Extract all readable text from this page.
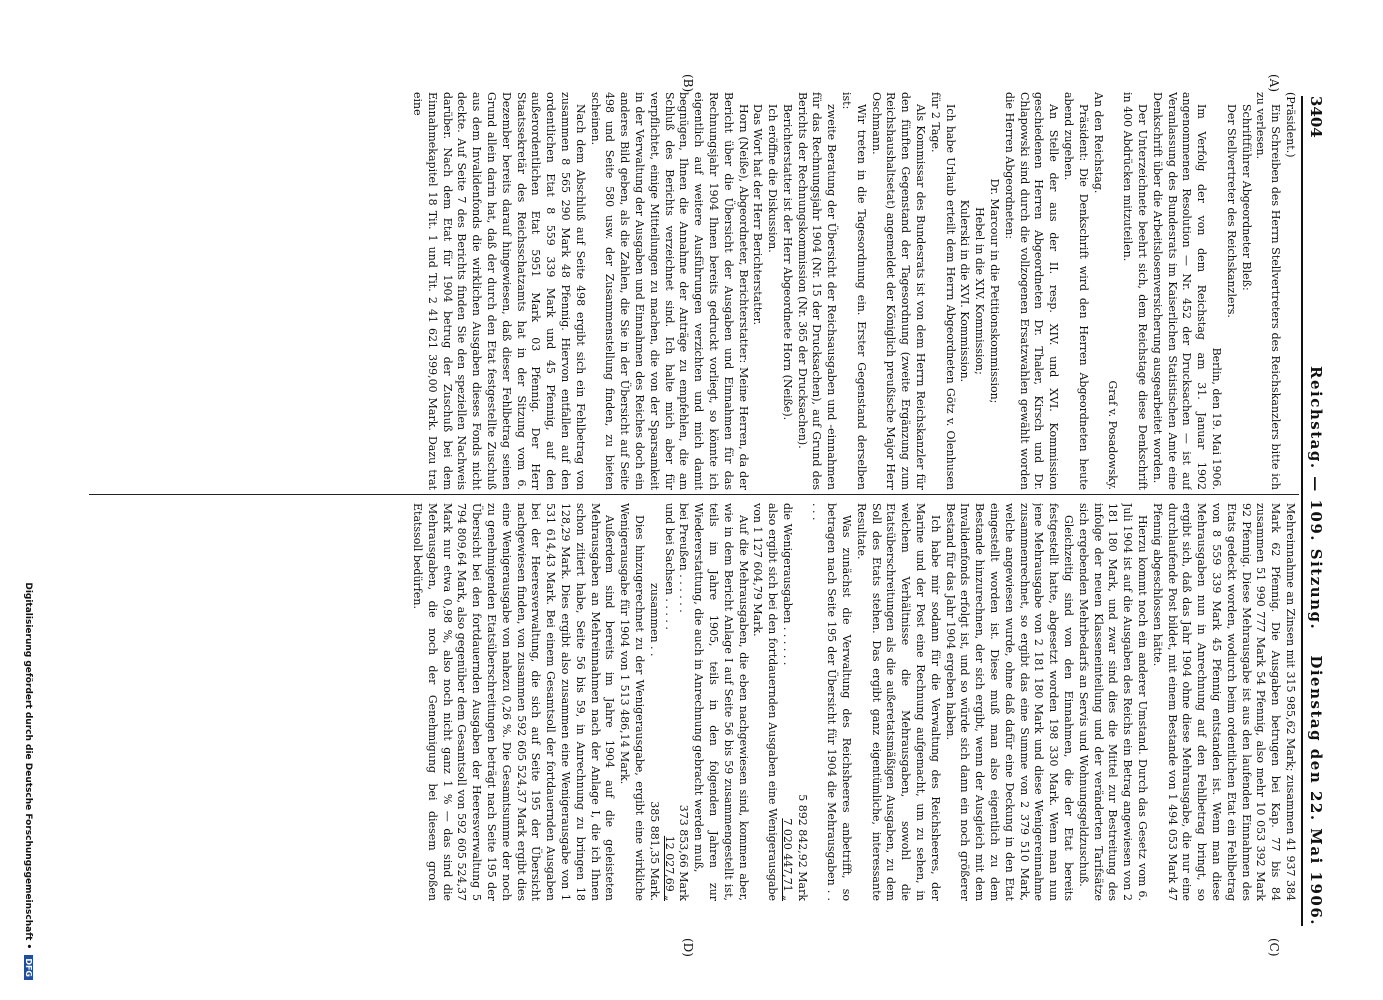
3404
Reichstag. — 109. Sitzung.
Dienstag den 22. Mai 1906.
(A)
(B)
(C)
(D)

(Präsident.)

Ein Schreiben des Herrn Stellvertreters des Reichskanzlers bitte ich zu verlesen.

Schriftführer Abgeordneter Bleß:

Der Stellvertreter des Reichskanzlers.

Berlin, den 19. Mai 1906.

Im Verfolg der von dem Reichstag am 31. Januar 1902 angenommenen Resolution — Nr. 452 der Drucksachen — ist auf Veranlassung des Bundesrats im Kaiserlichen Statistischen Amte eine Denkschrift über die Arbeitslosenversicherung ausgearbeitet worden.

Der Unterzeichnete beehrt sich, dem Reichstage diese Denkschrift in 400 Abdrücken mitzuteilen.

Graf v. Posadowsky.

An den Reichstag.

Präsident: Die Denkschrift wird den Herren Abgeordneten heute abend zugehen.

An Stelle der aus der II. resp. XIV. und XVI. Kommission geschiedenen Herren Abgeordneten Dr. Thaler, Kirsch und Dr. Chlapowski sind durch die vollzogenen Ersatzwahlen gewählt worden die Herren Abgeordneten:

Dr. Marcour in die Petitionskommission;

Hebel in die XIV. Kommission;

Kulerski in die XVI. Kommission.

Ich habe Urlaub erteilt dem Herrn Abgeordneten Götz v. Olenhusen für 2 Tage.

Als Kommissar des Bundesrats ist von dem Herrn Reichskanzler für den fünften Gegenstand der Tagesordnung (zweite Ergänzung zum Reichshaushaltsetat) angemeldet der Königlich preußische Major Herr Oschmann.

Wir treten in die Tagesordnung ein. Erster Gegenstand derselben ist:

zweite Beratung der Übersicht der Reichsausgaben und -einnahmen für das Rechnungsjahr 1904 (Nr. 15 der Drucksachen), auf Grund des Berichts der Rechnungskommission (Nr. 365 der Drucksachen).

Berichterstatter ist der Herr Abgeordnete Horn (Neiße).

Ich eröffne die Diskussion.

Das Wort hat der Herr Berichterstatter.

Horn (Neiße), Abgeordneter, Berichterstatter: Meine Herren, da der Bericht über die Übersicht der Ausgaben und Einnahmen für das Rechnungsjahr 1904 Ihnen bereits gedruckt vorliegt, so könnte ich eigentlich auf weitere Ausführungen verzichten und mich damit begnügen, Ihnen die Annahme der Anträge zu empfehlen, die am Schluß des Berichts verzeichnet sind. Ich halte mich aber für verpflichtet, einige Mitteilungen zu machen, die von der Sparsamkeit in der Verwaltung der Ausgaben und Einnahmen des Reiches doch ein anderes Bild geben, als die Zahlen, die Sie in der Übersicht auf Seite 498 und Seite 580 usw. der Zusammenstellung finden, zu bieten scheinen.

Nach dem Abschluß auf Seite 498 ergibt sich ein Fehlbetrag von zusammen 8 565 290 Mark 48 Pfennig. Hiervon entfallen auf den ordentlichen Etat 8 559 339 Mark und 45 Pfennig, auf den außerordentlichen Etat 5951 Mark 03 Pfennig. Der Herr Staatssekretär des Reichsschatzamts hat in der Sitzung vom 6. Dezember bereits darauf hingewiesen, daß dieser Fehlbetrag seinen Grund allein darin hat, daß der durch den Etat festgestellte Zuschuß aus dem Invalidenfonds die wirklichen Ausgaben dieses Fonds nicht deckte. Auf Seite 7 des Berichts finden Sie den speziellen Nachweis darüber. Nach dem Etat für 1904 betrug der Zuschuß bei dem Einnahmekapitel 18 Tit. 1 und Tit. 2 41 621 399,00 Mark. Dazu trat eine

Mehreinnahme an Zinsen mit 315 985,62 Mark; zusammen 41 937 384 Mark 62 Pfennig. Die Ausgaben betrugen bei Kap. 77 bis 84 zusammen 51 990 777 Mark 54 Pfennig, also mehr 10 053 392 Mark 92 Pfennig. Diese Mehrausgabe ist aus den laufenden Einnahmen des Etats gedeckt worden, wodurch beim ordentlichen Etat ein Fehlbetrag von 8 559 339 Mark 45 Pfennig entstanden ist. Wenn man diese Mehrausgaben nun in Anrechnung auf den Fehlbetrag bringt, so ergibt sich, daß das Jahr 1904 ohne diese Mehrausgabe, die nur eine durchlaufende Post bildet, mit einem Bestande von 1 494 053 Mark 47 Pfennig abgeschlossen hätte.

Hierzu kommt noch ein anderer Umstand. Durch das Gesetz vom 6. Juli 1904 ist auf die Ausgaben des Reichs ein Betrag angewiesen von 2 181 180 Mark, und zwar sind dies die Mittel zur Bestreitung des infolge der neuen Klasseneinteilung und der veränderten Tarifsätze sich ergebenden Mehrbedarfs an Servis und Wohnungsgeldzuschuß.

Gleichzeitig sind von den Einnahmen, die der Etat bereits festgestellt hatte, abgesetzt worden 198 330 Mark. Wenn man nun jene Mehrausgabe von 2 181 180 Mark und diese Wenigereinnahme zusammenrechnet, so ergibt das eine Summe von 2 379 510 Mark, welche angewiesen wurde, ohne daß dafür eine Deckung in den Etat eingestellt worden ist. Diese muß man also eigentlich zu dem Bestande hinzurechnen, der sich ergibt, wenn der Ausgleich mit dem Invalidenfonds erfolgt ist, und so würde sich dann ein noch größerer Bestand für das Jahr 1904 ergeben haben.

Ich habe mir sodann für die Verwaltung des Reichsheeres, der Marine und der Post eine Rechnung aufgemacht, um zu sehen, in welchem Verhältnisse die Mehrausgaben, sowohl die Etatsüberschreitungen als die außeretatsmäßigen Ausgaben, zu dem Soll des Etats stehen. Das ergibt ganz eigentümliche, interessante Resultate.

Was zunächst die Verwaltung des Reichsheeres anbetrifft, so betragen nach Seite 195 der Übersicht für 1904 die Mehrausgaben . . . . .

5 892 842,92 Mark
die Wenigerausgaben . . . . . .
7 020 447,71 „

also ergibt sich bei den fortdauernden Ausgaben eine Wenigerausgabe von 1 127 604,79 Mark.

Auf die Mehrausgaben, die eben nachgewiesen sind, kommen aber, wie in dem Bericht Anlage I auf Seite 56 bis 59 zusammengestellt ist, teils im Jahre 1905, teils in den folgenden Jahren zur Wiedererstattung, die auch in Anrechnung gebracht werden muß,

bei Preußen . . . . . .
373 853,66 Mark
und bei Sachsen . . . . .
12 027,69 „
zusammen . .
385 881,35 Mark.

Dies hinzugerechnet zu der Wenigerausgabe, ergibt eine wirkliche Wenigerausgabe für 1904 von 1 513 486,14 Mark.

Außerdem sind bereits im Jahre 1904 auf die geleisteten Mehrausgaben an Mehreinnahmen nach der Anlage I, die ich Ihnen schon zitiert habe, Seite 56 bis 59, in Anrechnung zu bringen 18 128,29 Mark. Dies ergibt also zusammen eine Wenigerausgabe von 1 531 614,43 Mark. Bei einem Gesamtsoll der fortdauernden Ausgaben bei der Heeresverwaltung, die sich auf Seite 195 der Übersicht nachgewiesen finden, von zusammen 592 605 524,37 Mark ergibt dies eine Wenigerausgabe von nahezu 0,26 %. Die Gesamtsumme der noch zu genehmigenden Etatsüberschreitungen beträgt nach Seite 195 der Übersicht bei den fortdauernden Ausgaben der Heeresverwaltung 5 794 809,64 Mark, also gegenüber dem Gesamtsoll von 592 605 524,37 Mark nur etwa 0,98 %, also noch nicht ganz 1 % — das sind die Mehrausgaben, die noch der Genehmigung bei diesem großen Etatssoll bedürfen.

Digitalisierung gefördert durch die Deutsche Forschungsgemeinschaft •DFG
